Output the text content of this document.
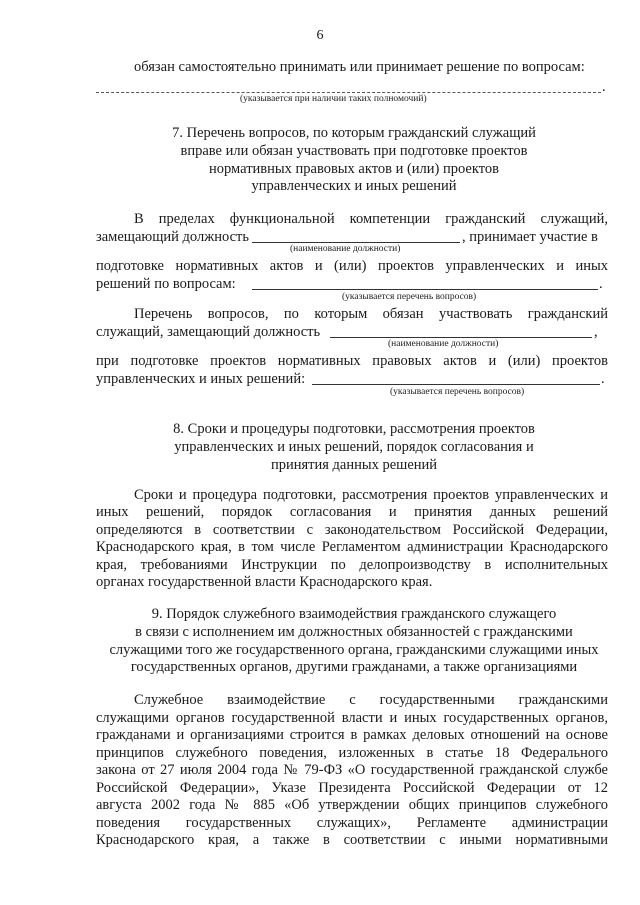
6
обязан самостоятельно принимать или принимает решение по вопросам:
.
(указывается при наличии таких полномочий)
7. Перечень вопросов, по которым гражданский служащий
вправе или обязан участвовать при подготовке проектов
нормативных правовых актов и (или) проектов
управленческих и иных решений
В пределах функциональной компетенции гражданский служащий,
замещающий должность	, принимает участие в
(наименование должности)
подготовке нормативных актов и (или) проектов управленческих и иных
решений по вопросам:	.
(указывается перечень вопросов)
Перечень вопросов, по которым обязан участвовать гражданский
служащий, замещающий должность	,
(наименование должности)
при подготовке проектов нормативных правовых актов и (или) проектов
управленческих и иных решений:	.
(указывается перечень вопросов)
8. Сроки и процедуры подготовки, рассмотрения проектов
управленческих и иных решений, порядок согласования и
принятия данных решений
Сроки и процедура подготовки, рассмотрения проектов управленческих и
иных решений, порядок согласования и принятия данных решений
определяются в соответствии с законодательством Российской Федерации,
Краснодарского края, в том числе Регламентом администрации Краснодарского
края, требованиями Инструкции по делопроизводству в исполнительных
органах государственной власти Краснодарского края.
9. Порядок служебного взаимодействия гражданского служащего
в связи с исполнением им должностных обязанностей с гражданскими
служащими того же государственного органа, гражданскими служащими иных
государственных органов, другими гражданами, а также организациями
Служебное взаимодействие с государственными гражданскими
служащими органов государственной власти и иных государственных органов,
гражданами и организациями строится в рамках деловых отношений на основе
принципов служебного поведения, изложенных в статье 18 Федерального
закона от 27 июля 2004 года № 79-ФЗ «О государственной гражданской службе
Российской Федерации», Указе Президента Российской Федерации от 12
августа 2002 года № 885 «Об утверждении общих принципов служебного
поведения государственных служащих», Регламенте администрации
Краснодарского края, а также в соответствии с иными нормативными
